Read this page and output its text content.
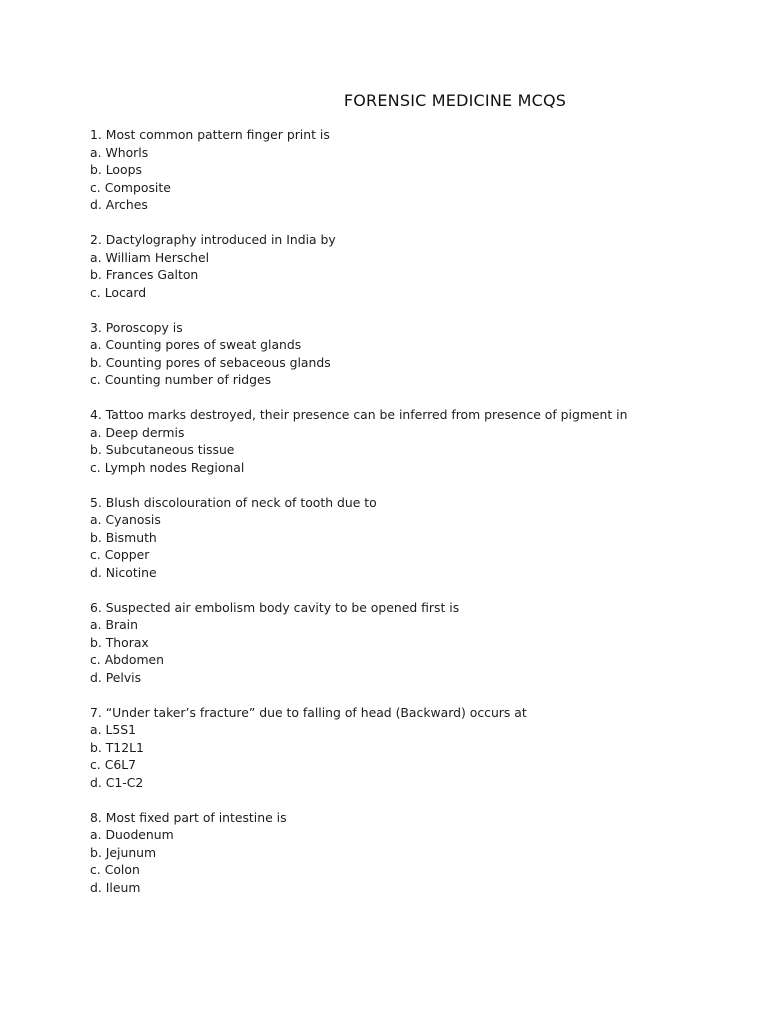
FORENSIC MEDICINE MCQS
1. Most common pattern finger print is
a. Whorls
b. Loops
c. Composite
d. Arches
2. Dactylography introduced in India by
a. William Herschel
b. Frances Galton
c. Locard
3. Poroscopy is
a. Counting pores of sweat glands
b. Counting pores of sebaceous glands
c. Counting number of ridges
4. Tattoo marks destroyed, their presence can be inferred from presence of pigment in
a. Deep dermis
b. Subcutaneous tissue
c. Lymph nodes Regional
5. Blush discolouration of neck of tooth due to
a. Cyanosis
b. Bismuth
c. Copper
d. Nicotine
6. Suspected air embolism body cavity to be opened first is
a. Brain
b. Thorax
c. Abdomen
d. Pelvis
7. “Under taker’s fracture” due to falling of head (Backward) occurs at
a. L5S1
b. T12L1
c. C6L7
d. C1-C2
8. Most fixed part of intestine is
a. Duodenum
b. Jejunum
c. Colon
d. Ileum
